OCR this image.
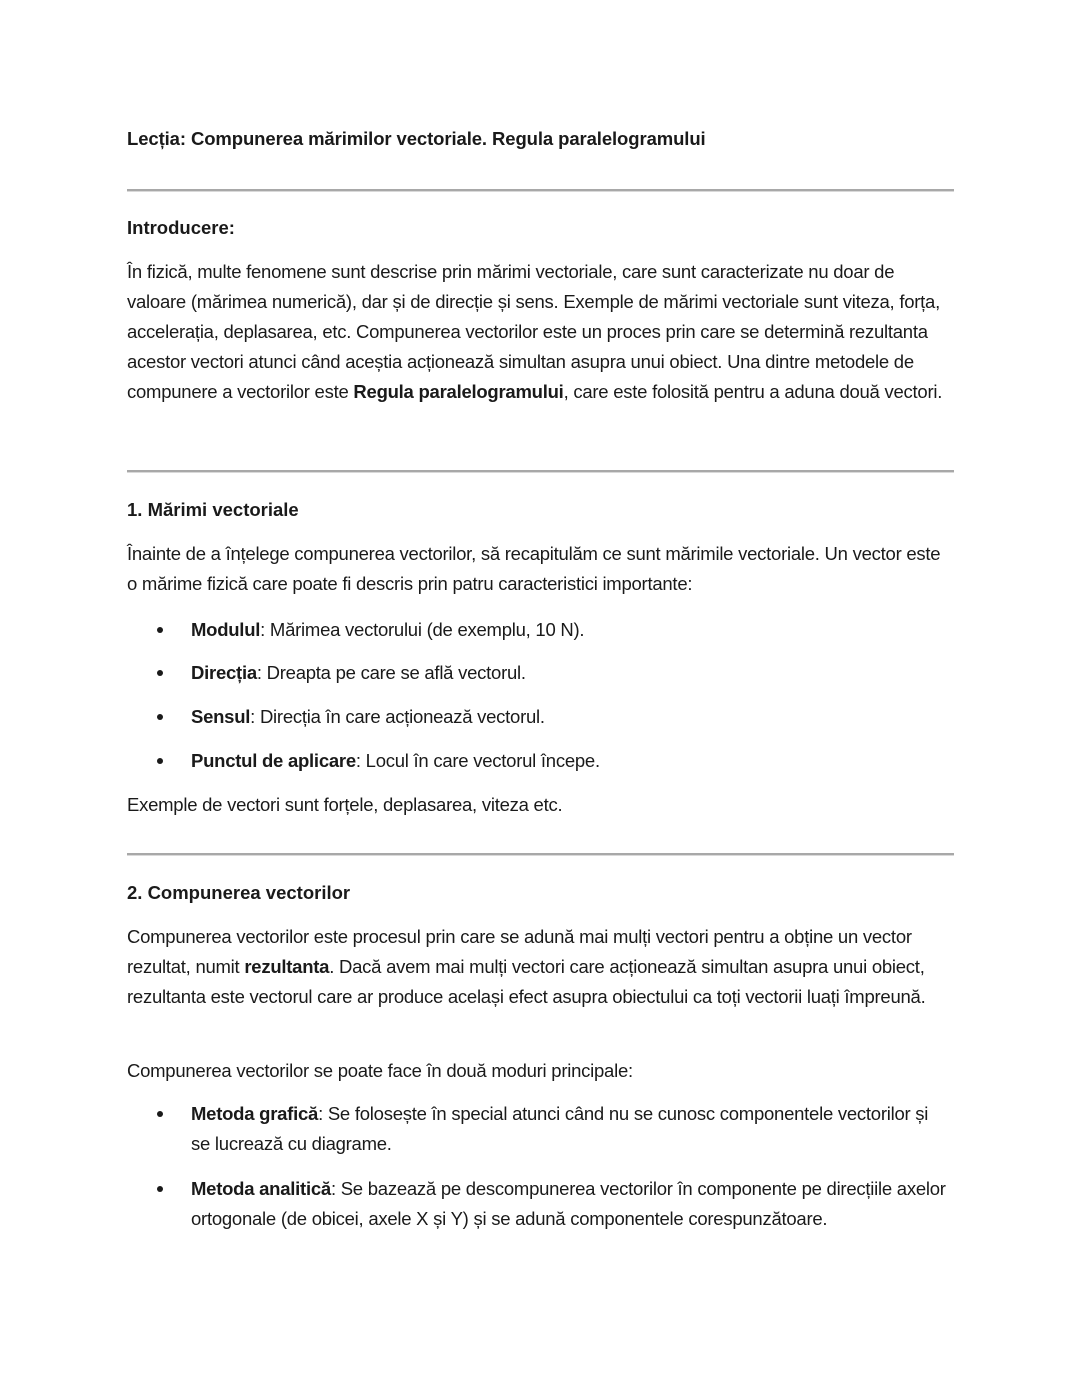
Lecția: Compunerea mărimilor vectoriale. Regula paralelogramului
Introducere:
În fizică, multe fenomene sunt descrise prin mărimi vectoriale, care sunt caracterizate nu doar de valoare (mărimea numerică), dar și de direcție și sens. Exemple de mărimi vectoriale sunt viteza, forța, accelerația, deplasarea, etc. Compunerea vectorilor este un proces prin care se determină rezultanta acestor vectori atunci când aceștia acționează simultan asupra unui obiect. Una dintre metodele de compunere a vectorilor este Regula paralelogramului, care este folosită pentru a aduna două vectori.
1. Mărimi vectoriale
Înainte de a înțelege compunerea vectorilor, să recapitulăm ce sunt mărimile vectoriale. Un vector este o mărime fizică care poate fi descris prin patru caracteristici importante:
Modulul: Mărimea vectorului (de exemplu, 10 N).
Direcția: Dreapta pe care se află vectorul.
Sensul: Direcția în care acționează vectorul.
Punctul de aplicare: Locul în care vectorul începe.
Exemple de vectori sunt forțele, deplasarea, viteza etc.
2. Compunerea vectorilor
Compunerea vectorilor este procesul prin care se adună mai mulți vectori pentru a obține un vector rezultat, numit rezultanta. Dacă avem mai mulți vectori care acționează simultan asupra unui obiect, rezultanta este vectorul care ar produce același efect asupra obiectului ca toți vectorii luați împreună.
Compunerea vectorilor se poate face în două moduri principale:
Metoda grafică: Se folosește în special atunci când nu se cunosc componentele vectorilor și se lucrează cu diagrame.
Metoda analitică: Se bazează pe descompunerea vectorilor în componente pe direcțiile axelor ortogonale (de obicei, axele X și Y) și se adună componentele corespunzătoare.
